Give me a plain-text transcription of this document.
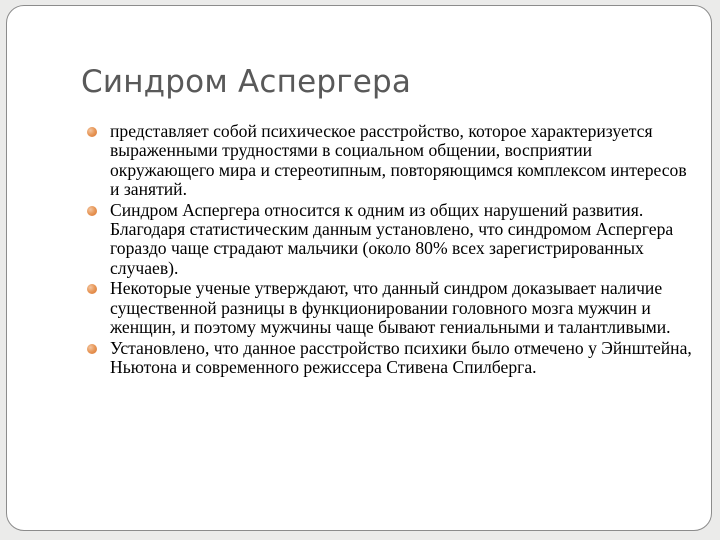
Синдром Аспергера
представляет собой психическое расстройство, которое характеризуется выраженными трудностями в социальном общении, восприятии окружающего мира и стереотипным, повторяющимся комплексом интересов и занятий.
Синдром Аспергера относится к одним из общих нарушений развития. Благодаря статистическим данным установлено, что синдромом Аспергера гораздо чаще страдают мальчики (около 80% всех зарегистрированных случаев).
Некоторые ученые утверждают, что данный синдром доказывает наличие существенной разницы в функционировании головного мозга мужчин и женщин, и поэтому мужчины чаще бывают гениальными и талантливыми.
Установлено, что данное расстройство психики было отмечено у Эйнштейна, Ньютона и современного режиссера Стивена Спилберга.
